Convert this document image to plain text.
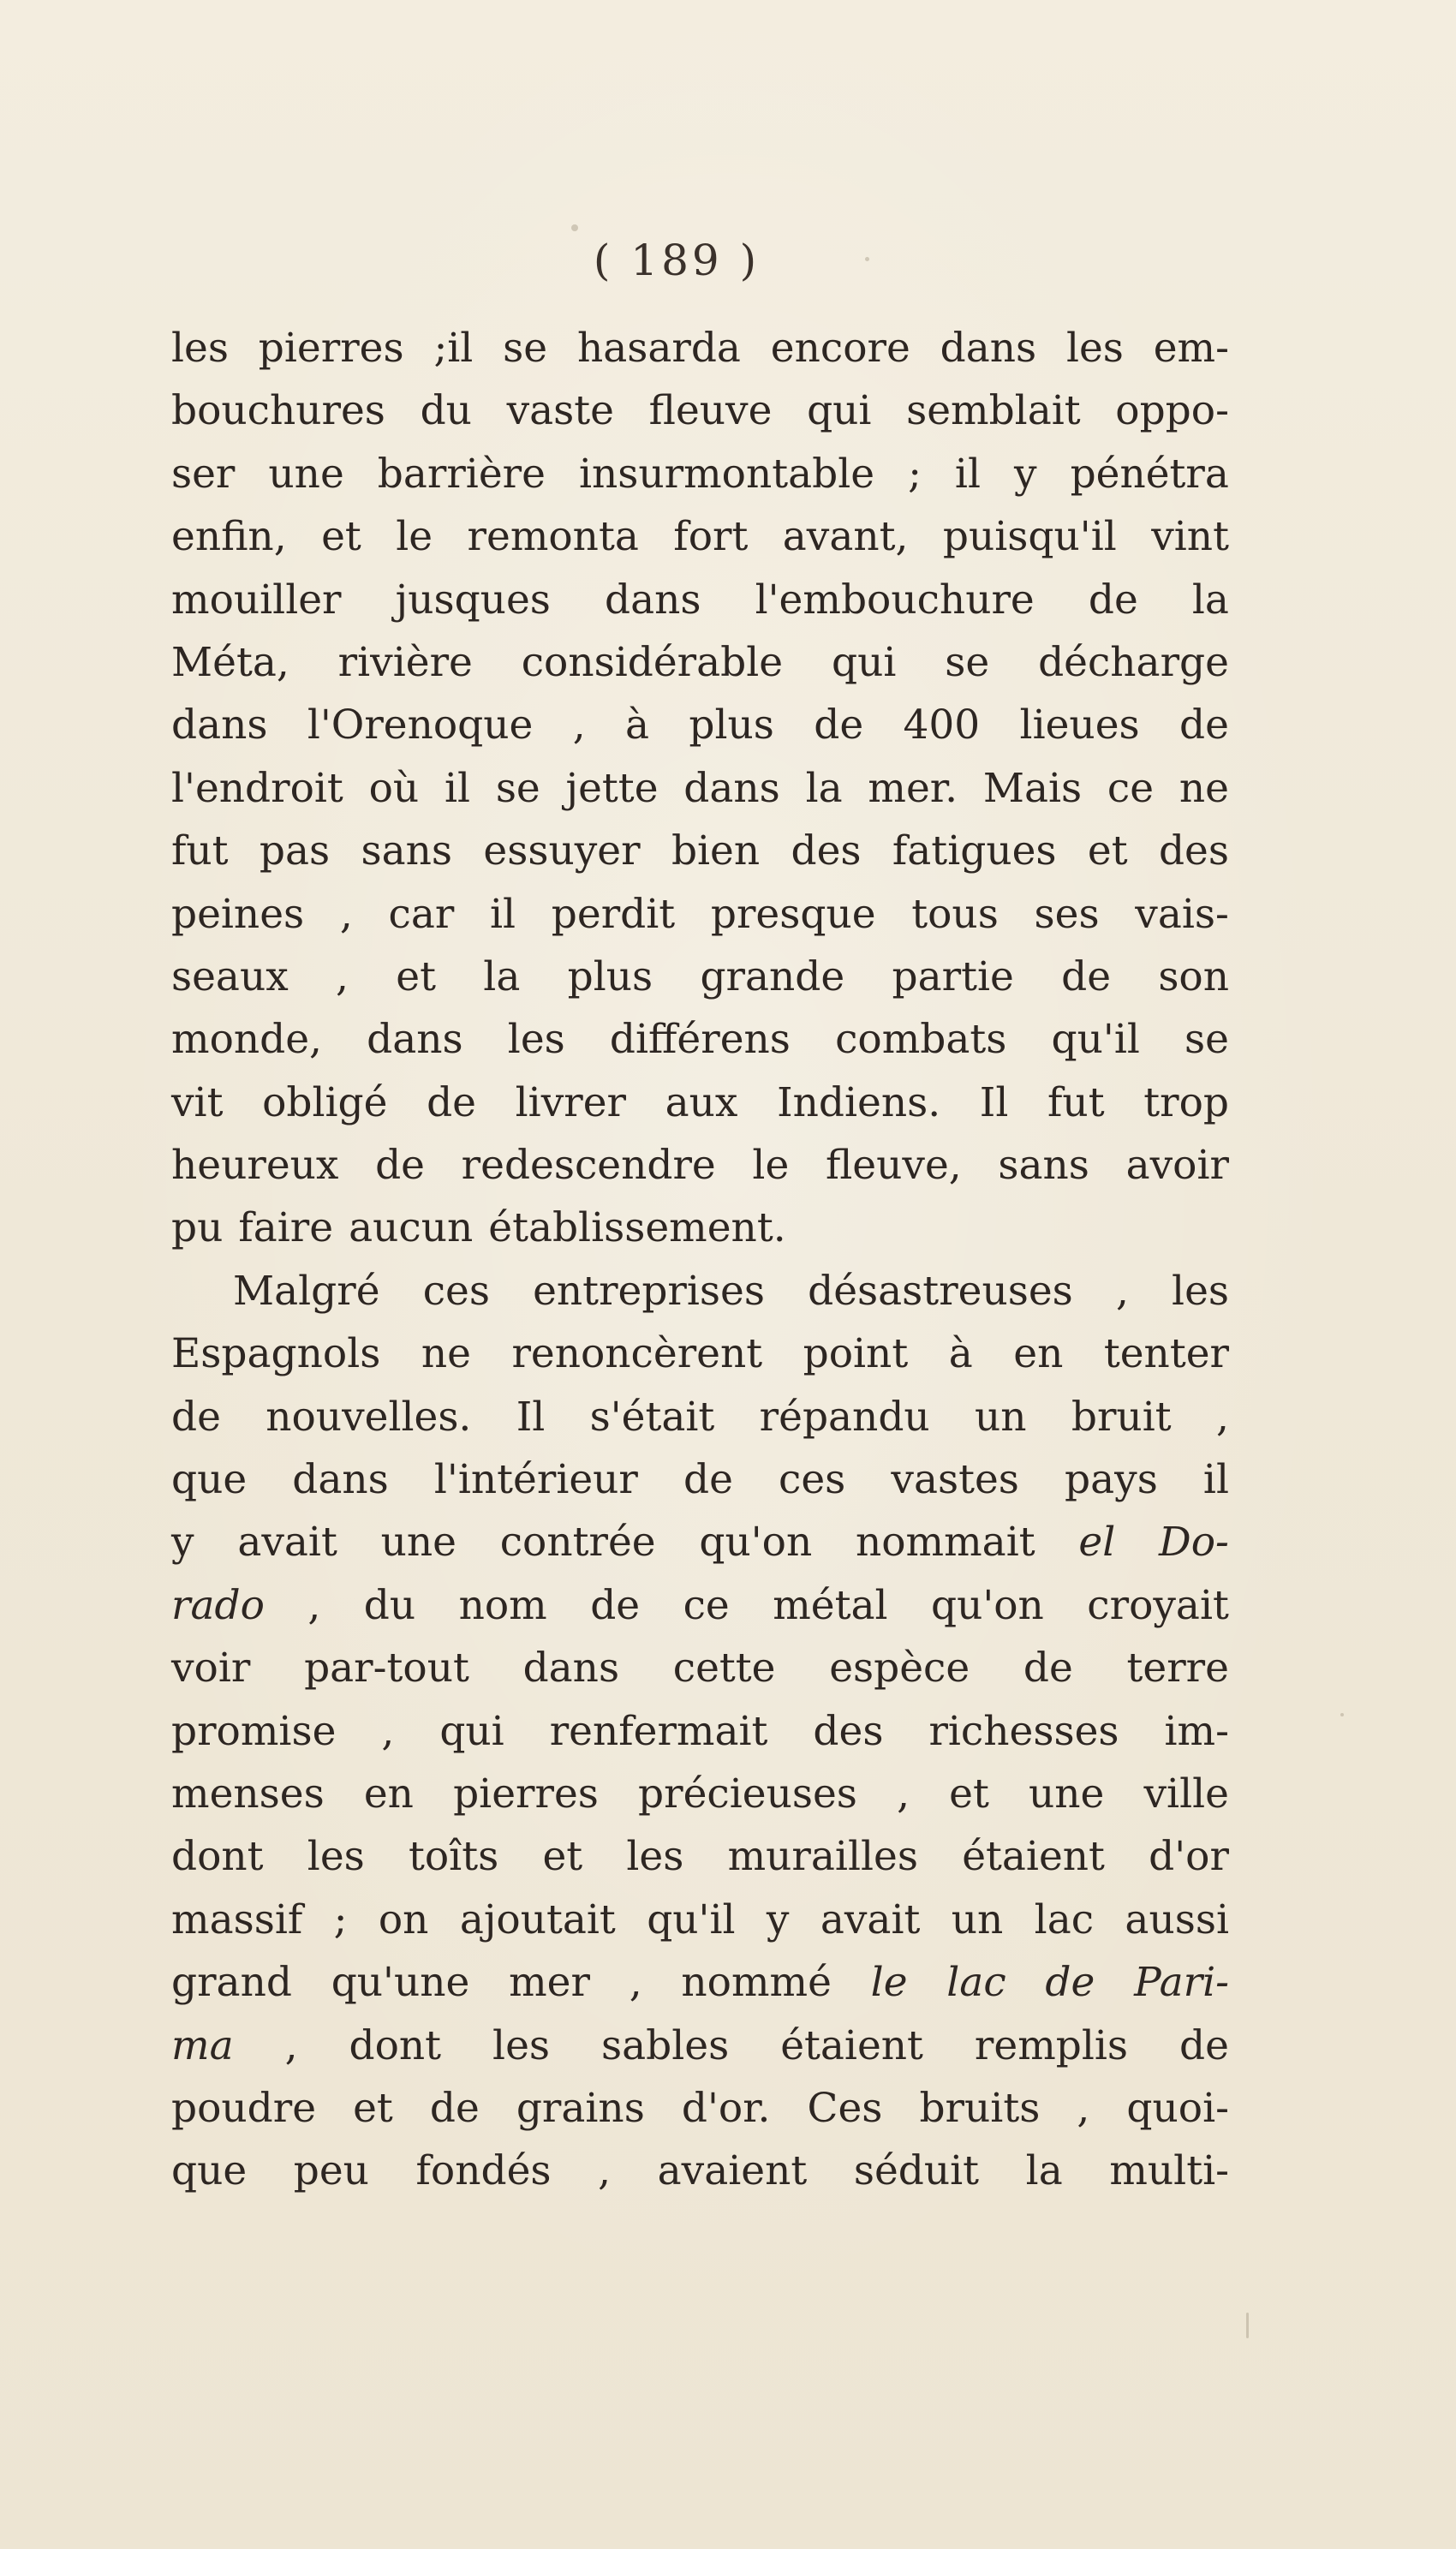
( 189 )
les pierres ;il se hasarda encore dans les em-
bouchures du vaste fleuve qui semblait oppo-
ser une barrière insurmontable ; il y pénétra
enfin, et le remonta fort avant, puisqu'il vint
mouiller jusques dans l'embouchure de la
Méta, rivière considérable qui se décharge
dans l'Orenoque , à plus de 400 lieues de
l'endroit où il se jette dans la mer. Mais ce ne
fut pas sans essuyer bien des fatigues et des
peines , car il perdit presque tous ses vais-
seaux , et la plus grande partie de son
monde, dans les différens combats qu'il se
vit obligé de livrer aux Indiens. Il fut trop
heureux de redescendre le fleuve, sans avoir
pu faire aucun établissement.
Malgré ces entreprises désastreuses , les
Espagnols ne renoncèrent point à en tenter
de nouvelles. Il s'était répandu un bruit ,
que dans l'intérieur de ces vastes pays il
y avait une contrée qu'on nommait el Do-
rado , du nom de ce métal qu'on croyait
voir par-tout dans cette espèce de terre
promise , qui renfermait des richesses im-
menses en pierres précieuses , et une ville
dont les toîts et les murailles étaient d'or
massif ; on ajoutait qu'il y avait un lac aussi
grand qu'une mer , nommé le lac de Pari-
ma , dont les sables étaient remplis de
poudre et de grains d'or. Ces bruits , quoi-
que peu fondés , avaient séduit la multi-
